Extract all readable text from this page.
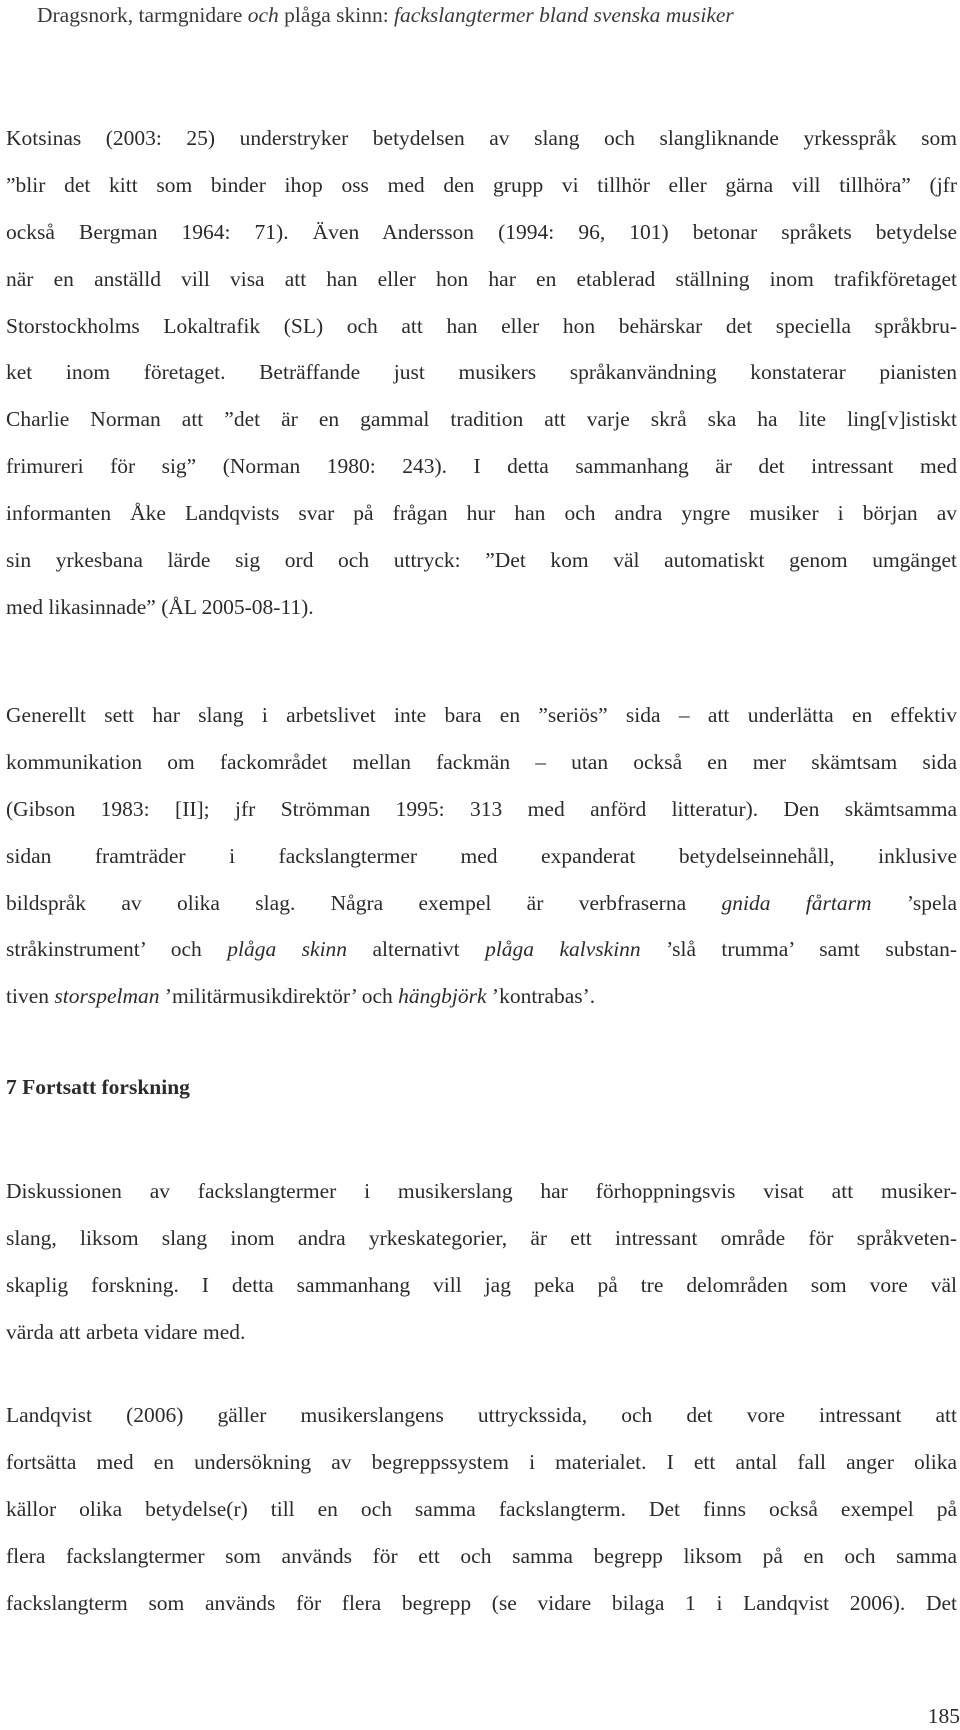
Dragsnork, tarmgnidare och plåga skinn: fackslangtermer bland svenska musiker
Kotsinas (2003: 25) understryker betydelsen av slang och slangliknande yrkesspråk som
”blir det kitt som binder ihop oss med den grupp vi tillhör eller gärna vill tillhöra” (jfr
också Bergman 1964: 71). Även Andersson (1994: 96, 101) betonar språkets betydelse
när en anställd vill visa att han eller hon har en etablerad ställning inom trafikföretaget
Storstockholms Lokaltrafik (SL) och att han eller hon behärskar det speciella språkbru-
ket inom företaget. Beträffande just musikers språkanvändning konstaterar pianisten
Charlie Norman att ”det är en gammal tradition att varje skrå ska ha lite ling[v]istiskt
frimureri för sig” (Norman 1980: 243). I detta sammanhang är det intressant med
informanten Åke Landqvists svar på frågan hur han och andra yngre musiker i början av
sin yrkesbana lärde sig ord och uttryck: ”Det kom väl automatiskt genom umgänget
med likasinnade” (ÅL 2005-08-11).
Generellt sett har slang i arbetslivet inte bara en ”seriös” sida – att underlätta en effektiv
kommunikation om fackområdet mellan fackmän – utan också en mer skämtsam sida
(Gibson 1983: [II]; jfr Strömman 1995: 313 med anförd litteratur). Den skämtsamma
sidan framträder i fackslangtermer med expanderat betydelseinnehåll, inklusive
bildspråk av olika slag. Några exempel är verbfraserna gnida fårtarm ’spela
stråkinstrument’ och plåga skinn alternativt plåga kalvskinn ’slå trumma’ samt substan-
tiven storspelman ’militärmusikdirektör’ och hängbjörk ’kontrabas’.
7 Fortsatt forskning
Diskussionen av fackslangtermer i musikerslang har förhoppningsvis visat att musiker-
slang, liksom slang inom andra yrkeskategorier, är ett intressant område för språkveten-
skaplig forskning. I detta sammanhang vill jag peka på tre delområden som vore väl
värda att arbeta vidare med.
Landqvist (2006) gäller musikerslangens uttryckssida, och det vore intressant att
fortsätta med en undersökning av begreppssystem i materialet. I ett antal fall anger olika
källor olika betydelse(r) till en och samma fackslangterm. Det finns också exempel på
flera fackslangtermer som används för ett och samma begrepp liksom på en och samma
fackslangterm som används för flera begrepp (se vidare bilaga 1 i Landqvist 2006). Det
185
